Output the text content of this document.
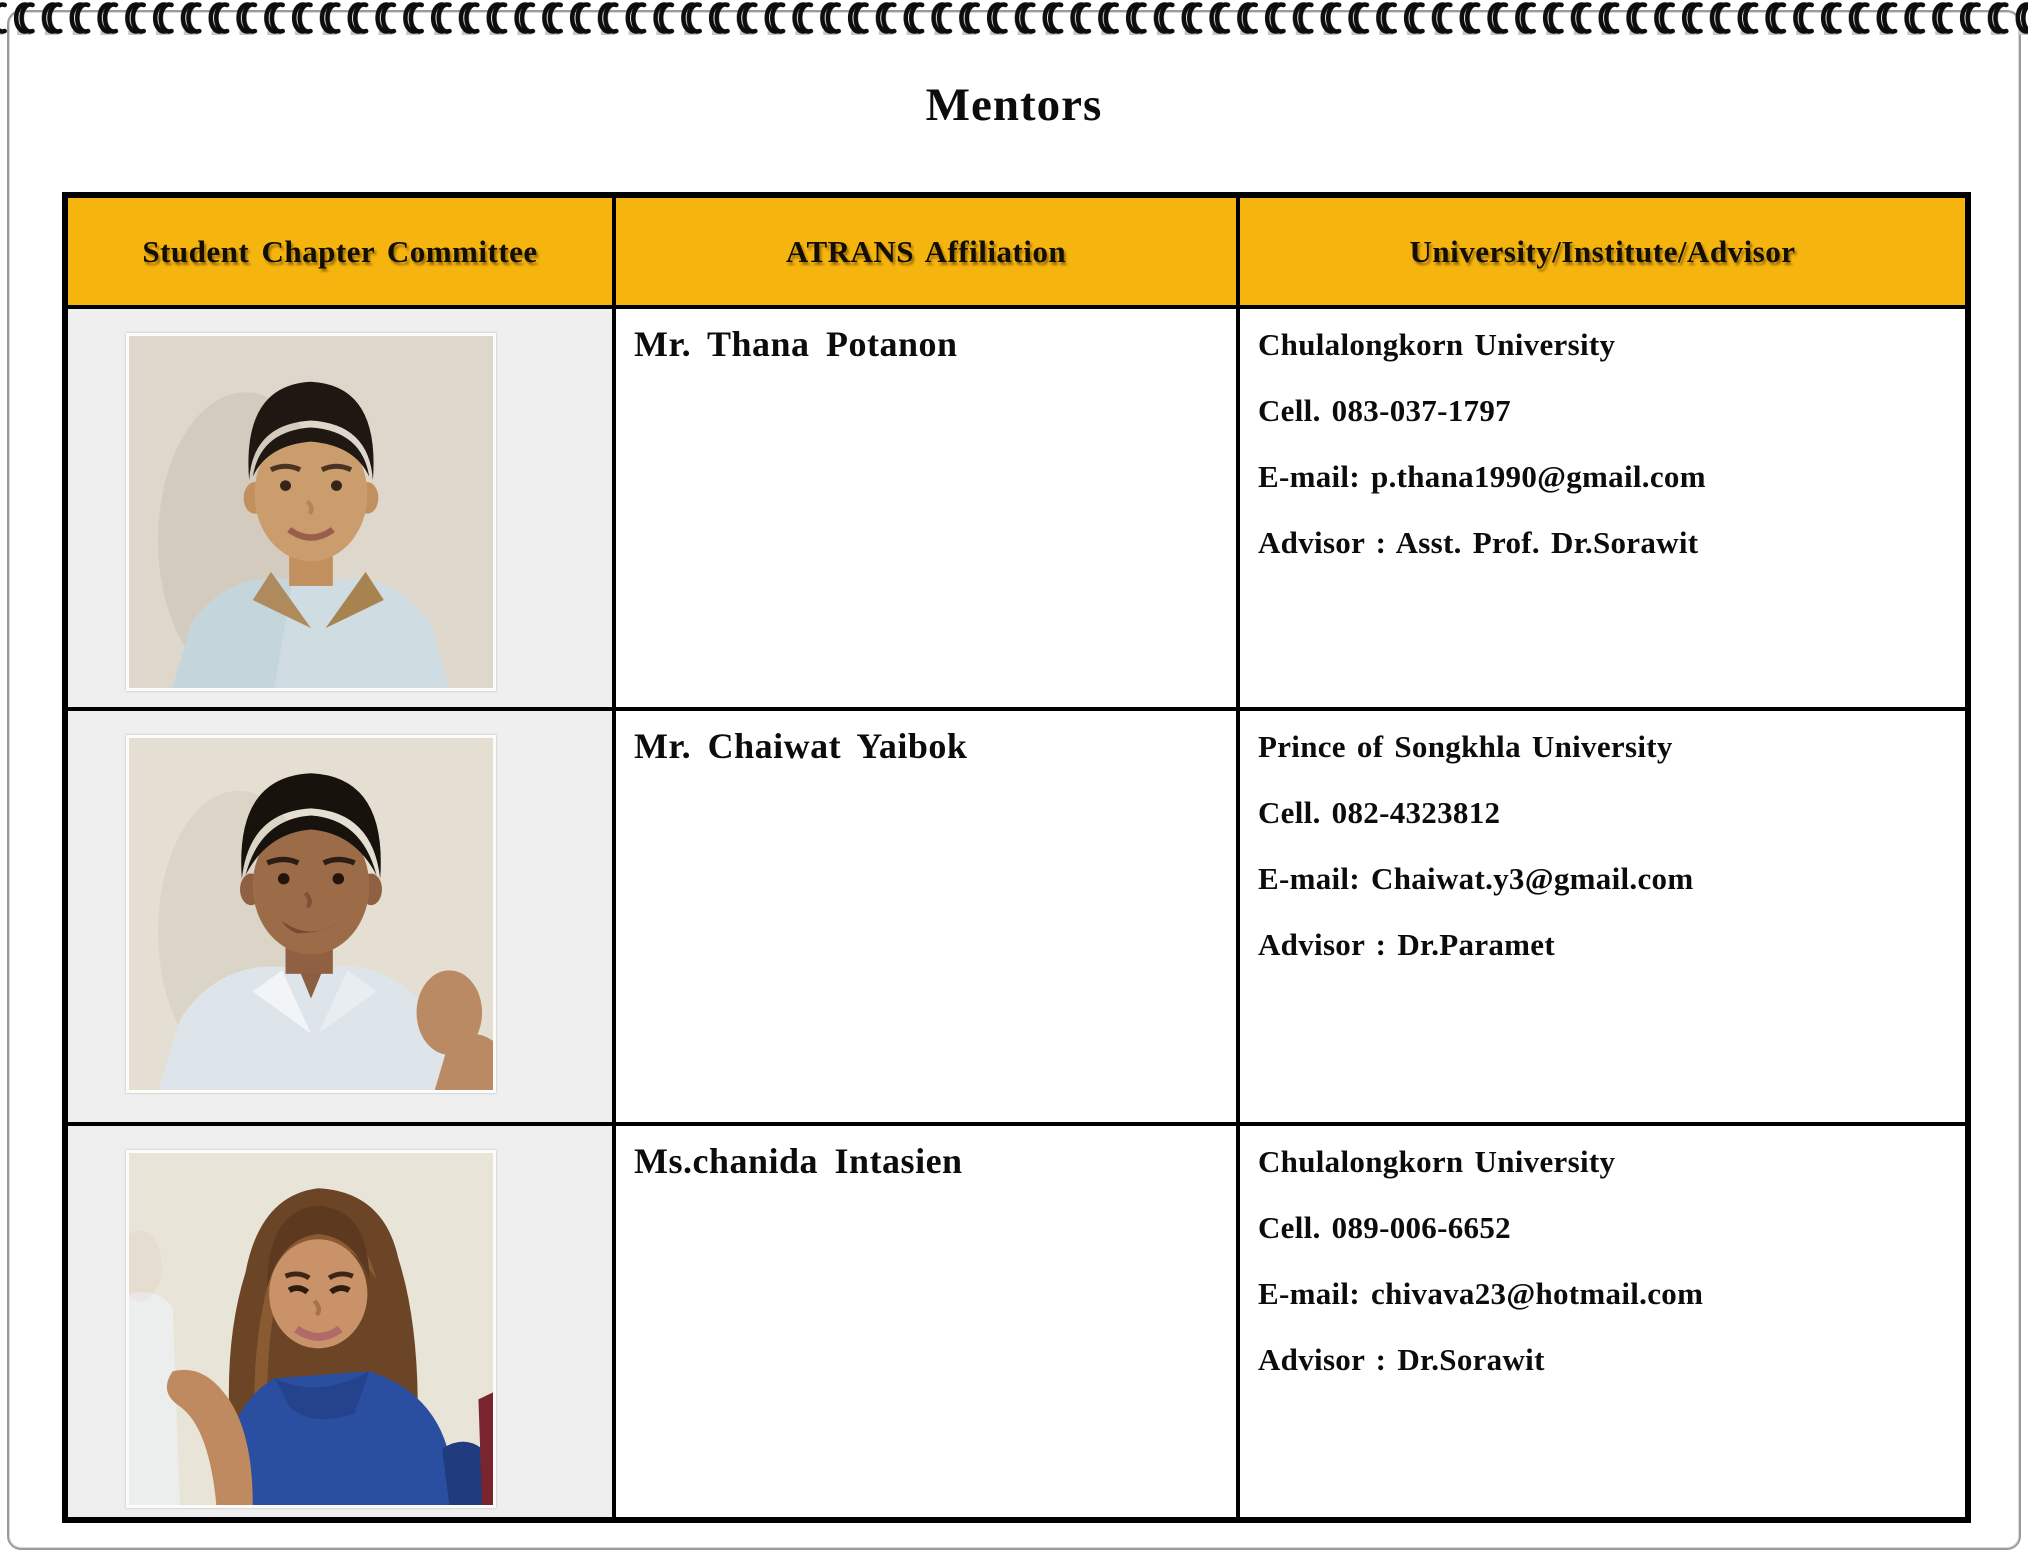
Mentors
Student Chapter Committee	ATRANS Affiliation	University/Institute/Advisor

Mr. Thana Potanon	Chulalongkorn University

Cell. 083-037-1797

E-mail: p.thana1990@gmail.com

Advisor : Asst. Prof. Dr.Sorawit

Mr. Chaiwat Yaibok	Prince of Songkhla University

Cell. 082-4323812

E-mail: Chaiwat.y3@gmail.com

Advisor : Dr.Paramet

Ms.chanida Intasien	Chulalongkorn University

Cell. 089-006-6652

E-mail: chivava23@hotmail.com

Advisor : Dr.Sorawit
